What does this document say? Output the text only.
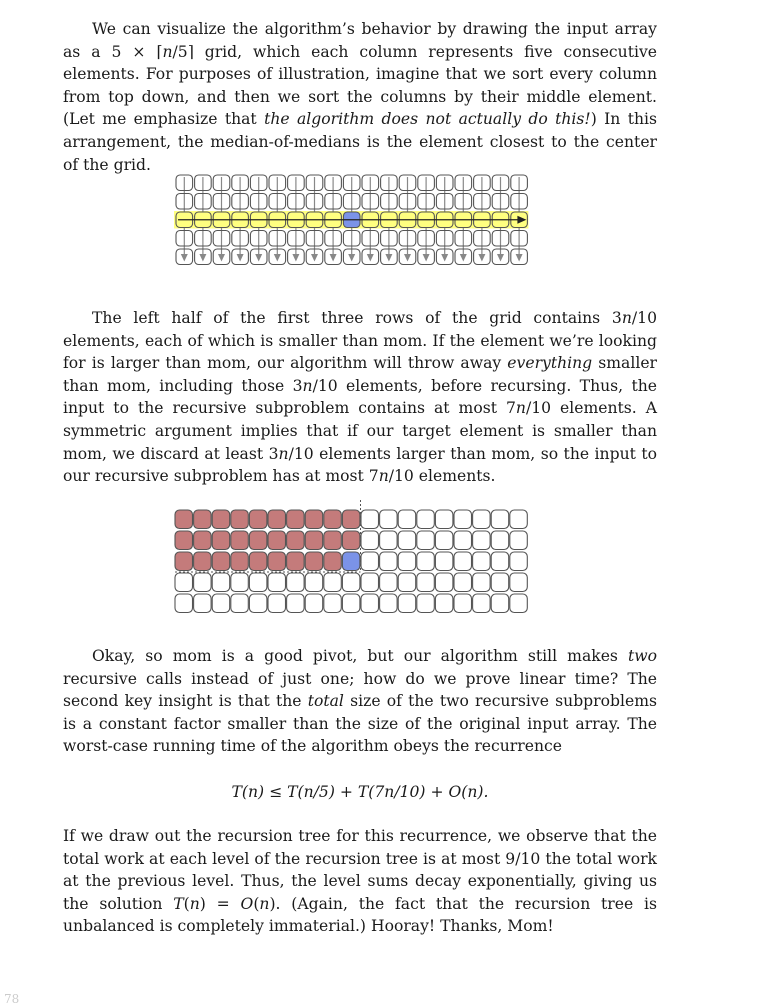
We can visualize the algorithm’s behavior by drawing the input array as a 5 × ⌈n/5⌉ grid, which each column represents five consecutive elements. For purposes of illustration, imagine that we sort every column from top down, and then we sort the columns by their middle element. (Let me emphasize that the algorithm does not actually do this!) In this arrangement, the median-of-medians is the element closest to the center of the grid.

The left half of the first three rows of the grid contains 3n/10 elements, each of which is smaller than mom. If the element we’re looking for is larger than mom, our algorithm will throw away everything smaller than mom, including those 3n/10 elements, before recursing. Thus, the input to the recursive subproblem contains at most 7n/10 elements. A symmetric argument implies that if our target element is smaller than mom, we discard at least 3n/10 elements larger than mom, so the input to our recursive subproblem has at most 7n/10 elements.

Okay, so mom is a good pivot, but our algorithm still makes two recursive calls instead of just one; how do we prove linear time? The second key insight is that the total size of the two recursive subproblems is a constant factor smaller than the size of the original input array. The worst-case running time of the algorithm obeys the recurrence

T(n) ≤ T(n/5) + T(7n/10) + O(n).

If we draw out the recursion tree for this recurrence, we observe that the total work at each level of the recursion tree is at most 9/10 the total work at the previous level. Thus, the level sums decay exponentially, giving us the solution T(n) = O(n). (Again, the fact that the recursion tree is unbalanced is completely immaterial.) Hooray! Thanks, Mom!

78
